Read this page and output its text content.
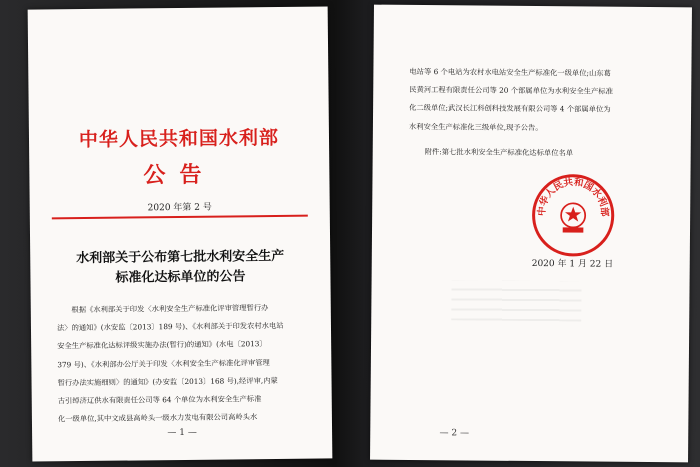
中华人民共和国水利部
公告
2020 年第 2 号
水利部关于公布第七批水利安全生产
标准化达标单位的公告
根据《水利部关于印发〈水利安全生产标准化评审管理暂行办
法〉的通知》(水安监〔2013〕189 号)、《水利部关于印发农村水电站
安全生产标准化达标评级实施办法(暂行)的通知》(水电〔2013〕
379 号)、《水利部办公厅关于印发〈水利安全生产标准化评审管理
暂行办法实施细则〉的通知》(办安监〔2013〕168 号),经评审,内蒙
古引绰济辽供水有限责任公司等 64 个单位为水利安全生产标准
化一级单位,其中文成县高岭头一级水力发电有限公司高岭头水
— 1 —
电站等 6 个电站为农村水电站安全生产标准化一级单位;山东葛
民黄河工程有限责任公司等 20 个部属单位为水利安全生产标准
化二级单位;武汉长江科创科技发展有限公司等 4 个部属单位为
水利安全生产标准化三级单位,现予公告。
附件:第七批水利安全生产标准化达标单位名单
中华人民共和国水利部
2020 年 1 月 22 日
— 2 —
